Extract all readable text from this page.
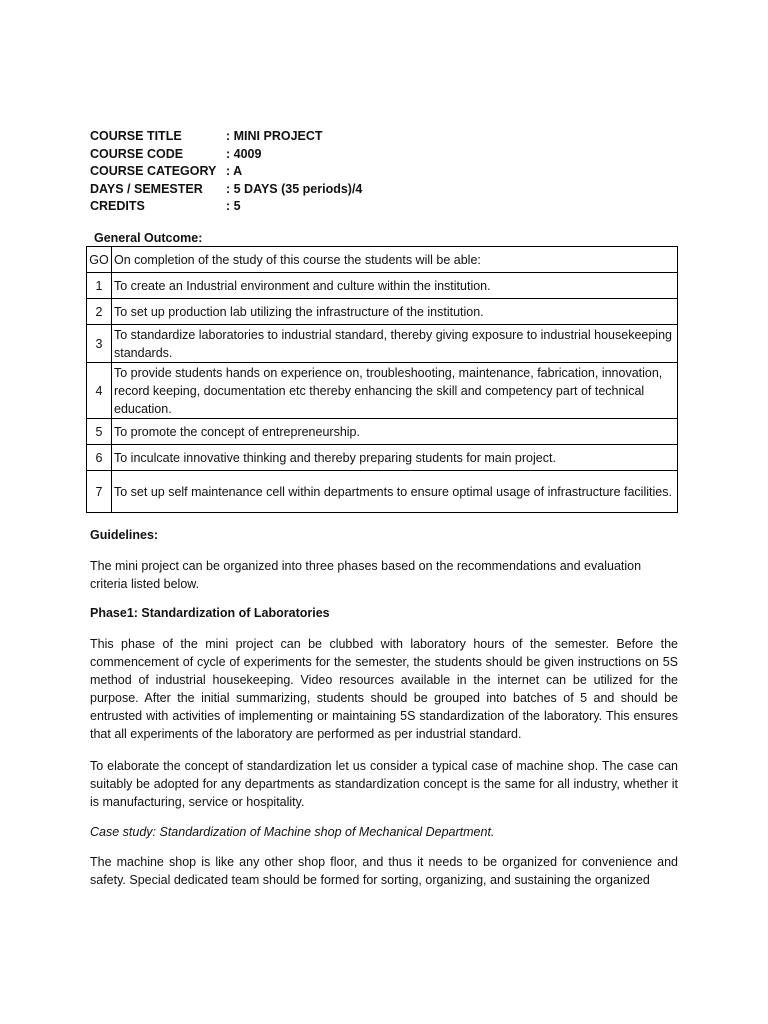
COURSE TITLE	: MINI PROJECT
COURSE CODE	: 4009
COURSE CATEGORY : A
DAYS / SEMESTER	: 5 DAYS (35 periods)/4
CREDITS	: 5
General Outcome:
GO	On completion of the study of this course the students will be able:
1	To create an Industrial environment and culture within the institution.
2	To set up production lab utilizing the infrastructure of the institution.
3	To standardize laboratories to industrial standard, thereby giving exposure to industrial housekeeping standards.
4	To provide students hands on experience on, troubleshooting, maintenance, fabrication, innovation, record keeping, documentation etc thereby enhancing the skill and competency part of technical education.
5	To promote the concept of entrepreneurship.
6	To inculcate innovative thinking and thereby preparing students for main project.
7	To set up self maintenance cell within departments to ensure optimal usage of infrastructure facilities.
Guidelines:
The mini project can be organized into three phases based on the recommendations and evaluation criteria listed below.
Phase1: Standardization of Laboratories
This phase of the mini project can be clubbed with laboratory hours of the semester. Before the commencement of cycle of experiments for the semester, the students should be given instructions on 5S method of industrial housekeeping. Video resources available in the internet can be utilized for the purpose. After the initial summarizing, students should be grouped into batches of 5 and should be entrusted with activities of implementing or maintaining 5S standardization of the laboratory. This ensures that all experiments of the laboratory are performed as per industrial standard.
To elaborate the concept of standardization let us consider a typical case of machine shop. The case can suitably be adopted for any departments as standardization concept is the same for all industry, whether it is manufacturing, service or hospitality.
Case study: Standardization of Machine shop of Mechanical Department.
The machine shop is like any other shop floor, and thus it needs to be organized for convenience and safety. Special dedicated team should be formed for sorting, organizing, and sustaining the organized
